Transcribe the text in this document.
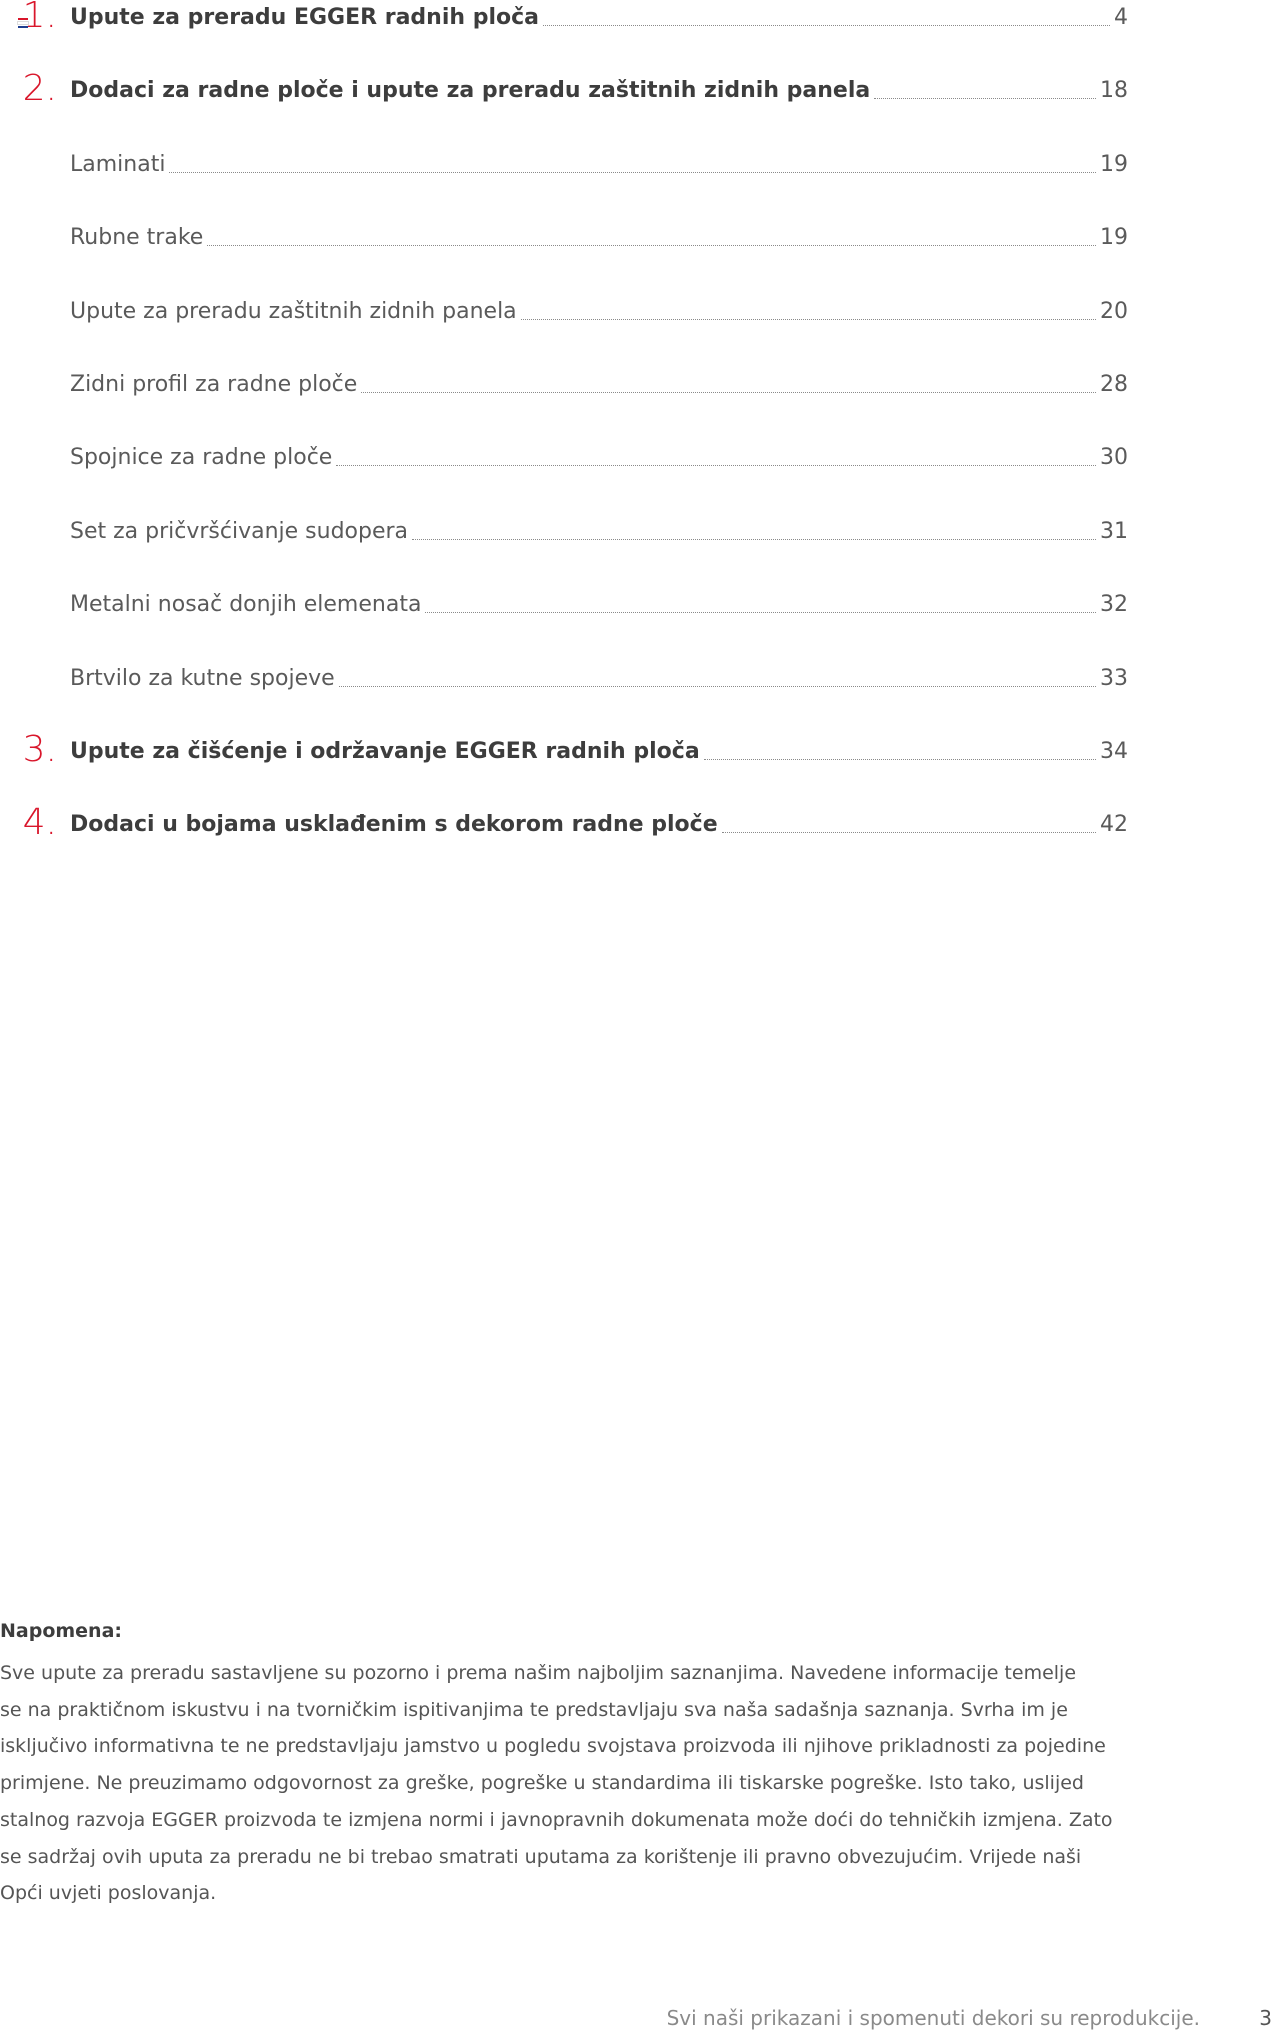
1. Upute za preradu EGGER radnih ploča	4
2. Dodaci za radne ploče i upute za preradu zaštitnih zidnih panela	18
Laminati	19
Rubne trake	19
Upute za preradu zaštitnih zidnih panela	20
Zidni profil za radne ploče	28
Spojnice za radne ploče	30
Set za pričvršćivanje sudopera	31
Metalni nosač donjih elemenata	32
Brtvilo za kutne spojeve	33
3. Upute za čišćenje i održavanje EGGER radnih ploča	34
4. Dodaci u bojama usklađenim s dekorom radne ploče	42

Napomena:

Sve upute za preradu sastavljene su pozorno i prema našim najboljim saznanjima. Navedene informacije temelje
se na praktičnom iskustvu i na tvorničkim ispitivanjima te predstavljaju sva naša sadašnja saznanja. Svrha im je
isključivo informativna te ne predstavljaju jamstvo u pogledu svojstava proizvoda ili njihove prikladnosti za pojedine
primjene. Ne preuzimamo odgovornost za greške, pogreške u standardima ili tiskarske pogreške. Isto tako, uslijed
stalnog razvoja EGGER proizvoda te izmjena normi i javnopravnih dokumenata može doći do tehničkih izmjena. Zato
se sadržaj ovih uputa za preradu ne bi trebao smatrati uputama za korištenje ili pravno obvezujućim. Vrijede naši
Opći uvjeti poslovanja.

Svi naši prikazani i spomenuti dekori su reprodukcije.	3
